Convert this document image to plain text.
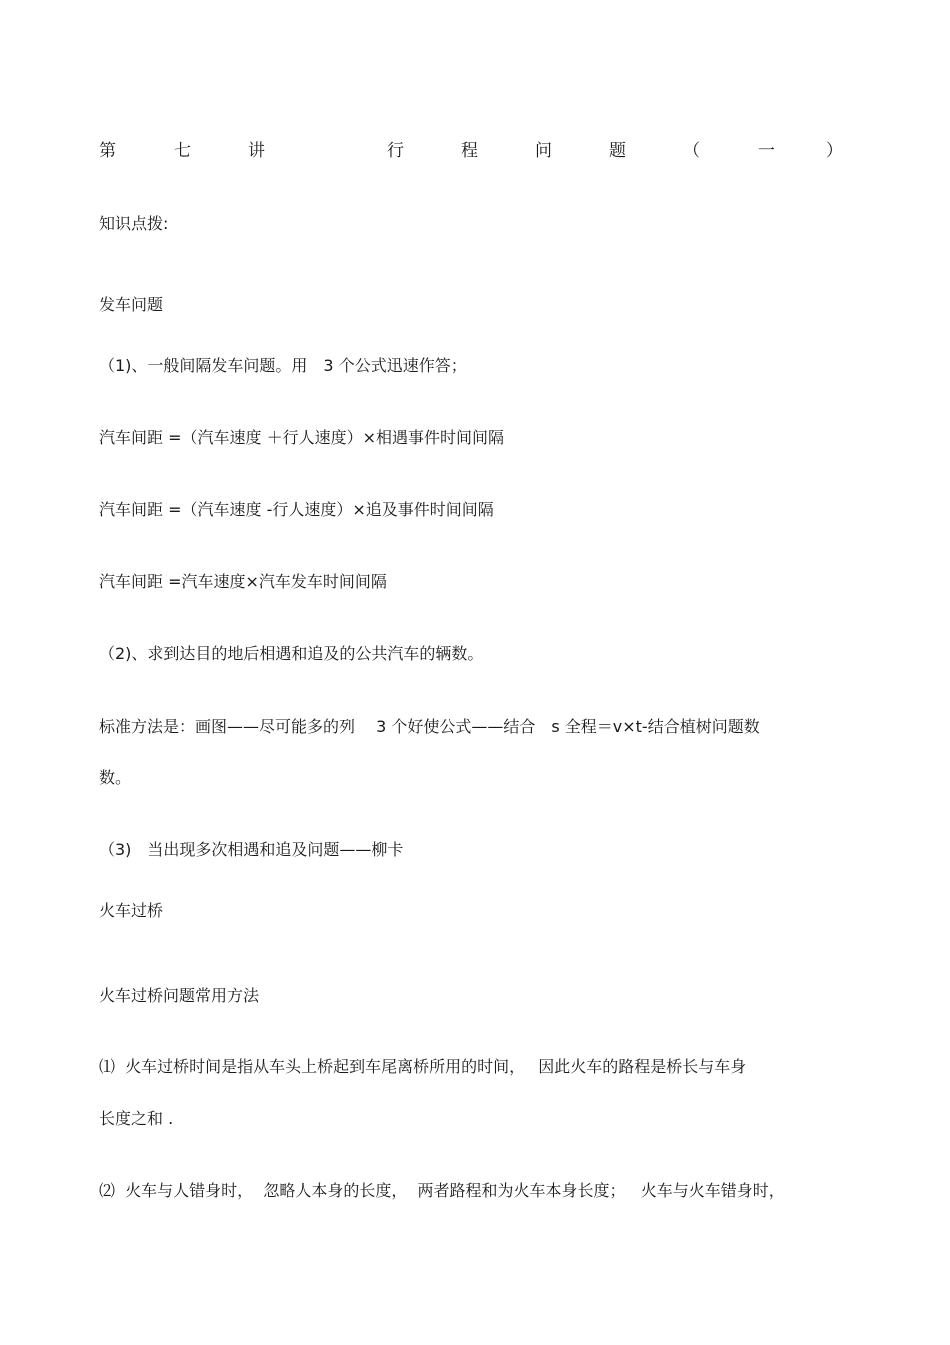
第	七	讲	行	程	问	题	（	一	）
知识点拨:
发车问题
（1)、一般间隔发车问题。用　3 个公式迅速作答；
汽车间距 =（汽车速度 ＋行人速度）×相遇事件时间间隔
汽车间距 =（汽车速度 -行人速度）×追及事件时间间隔
汽车间距 =汽车速度×汽车发车时间间隔
（2)、求到达目的地后相遇和追及的公共汽车的辆数。
标准方法是：画图——尽可能多的列　 3 个好使公式——结合　s 全程＝v×t-结合植树问题数
数。
（3)　当出现多次相遇和追及问题——柳卡
火车过桥
火车过桥问题常用方法
⑴  火车过桥时间是指从车头上桥起到车尾离桥所用的时间，　 因此火车的路程是桥长与车身
长度之和 .
⑵  火车与人错身时，  忽略人本身的长度，  两者路程和为火车本身长度；   火车与火车错身时，
